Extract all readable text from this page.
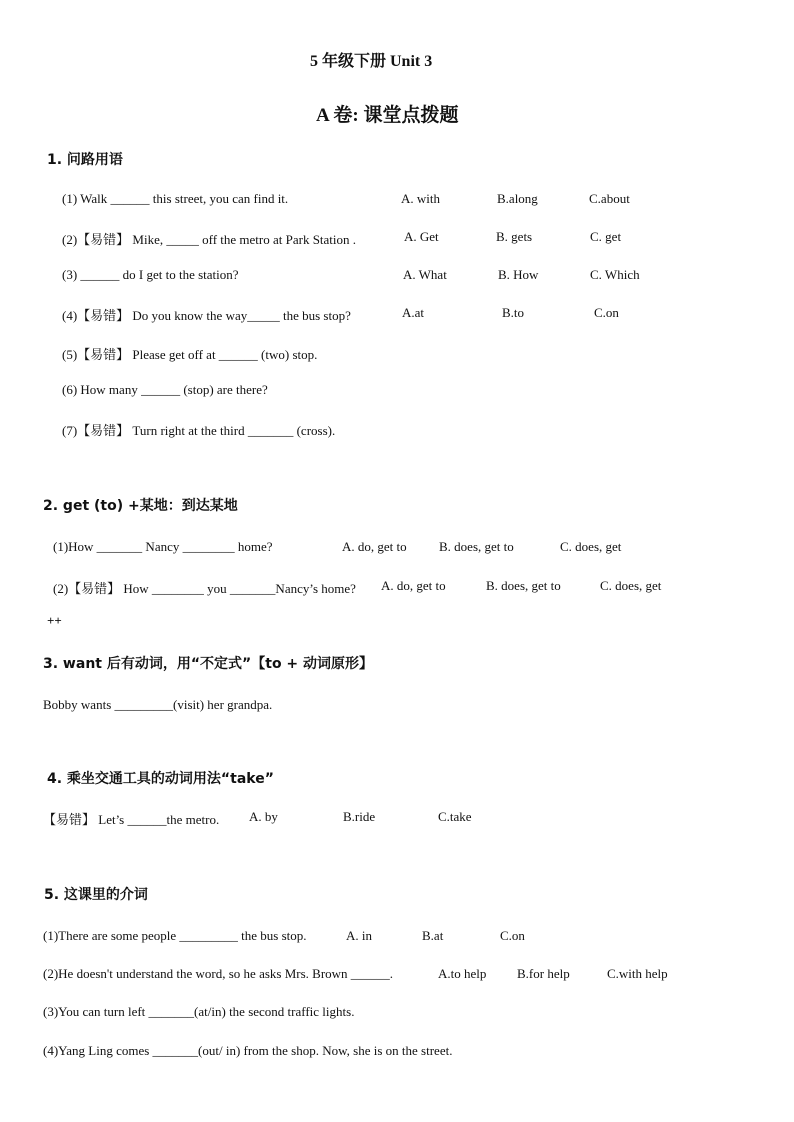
5 年级下册 Unit 3
A 卷: 课堂点拨题
1. 问路用语
(1) Walk ______ this street, you can find it.	A. with	B.along	C.about
(2)【易错】 Mike, _____ off the metro at Park Station .	A. Get	B. gets	C. get
(3) ______ do I get to the station?	A. What	B. How	C. Which
(4)【易错】 Do you know the way_____ the bus stop?	A.at	B.to	C.on
(5)【易错】 Please get off at ______ (two) stop.
(6) How many ______ (stop) are there?
(7)【易错】 Turn right at the third _______ (cross).
2. get (to) +某地：到达某地
(1)How _______ Nancy ________ home?	A. do, get to B. does, get to	C. does, get
(2)【易错】 How ________ you _______Nancy’s home? A. do, get to	B. does, get to	C. does, get
++
3. want 后有动词，用“不定式”【to + 动词原形】
Bobby wants _________(visit) her grandpa.
4. 乘坐交通工具的动词用法“take”
【易错】 Let’s ______the metro. A. by	B.ride	C.take
5. 这课里的介词
(1)There are some people _________ the bus stop.	A. in	B.at	C.on
(2)He doesn't understand the word, so he asks Mrs. Brown ______.	A.to help B.for help	C.with help
(3)You can turn left _______(at/in) the second traffic lights.
(4)Yang Ling comes _______(out/ in) from the shop. Now, she is on the street.
